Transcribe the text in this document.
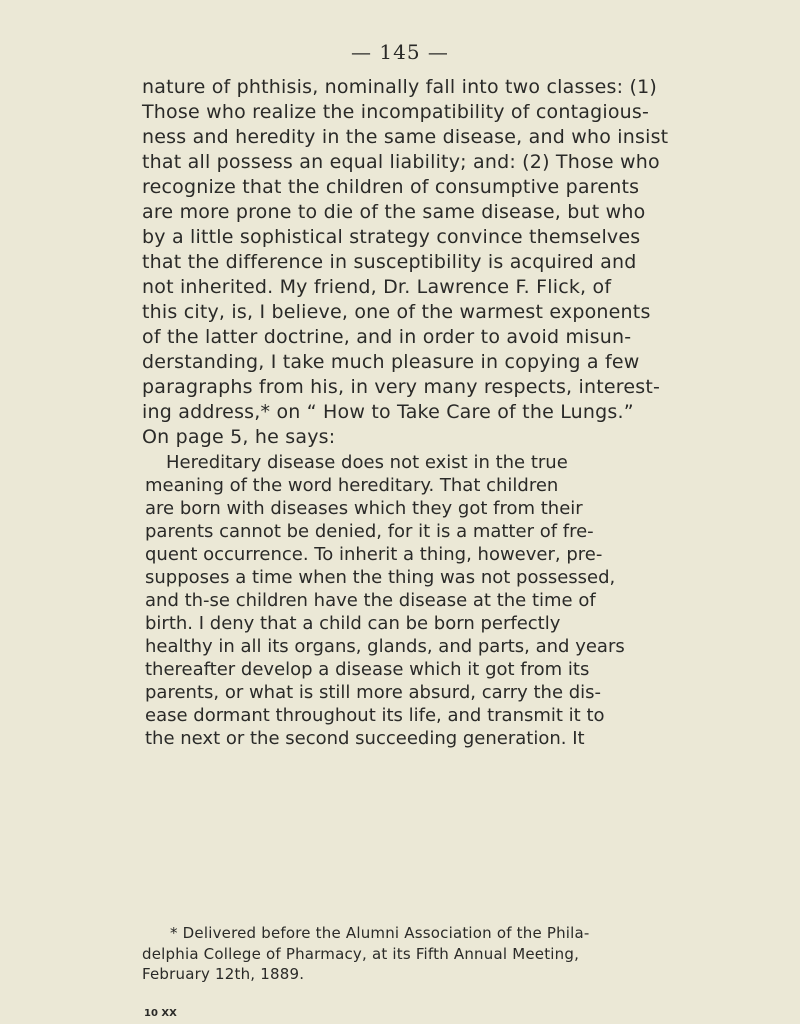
— 145 —
nature of phthisis, nominally fall into two classes: (1)
Those who realize the incompatibility of contagious-
ness and heredity in the same disease, and who insist
that all possess an equal liability; and: (2) Those who
recognize that the children of consumptive parents
are more prone to die of the same disease, but who
by a little sophistical strategy convince themselves
that the difference in susceptibility is acquired and
not inherited. My friend, Dr. Lawrence F. Flick, of
this city, is, I believe, one of the warmest exponents
of the latter doctrine, and in order to avoid misun-
derstanding, I take much pleasure in copying a few
paragraphs from his, in very many respects, interest-
ing address,* on “ How to Take Care of the Lungs.”
On page 5, he says:
Hereditary disease does not exist in the true
meaning of the word hereditary. That children
are born with diseases which they got from their
parents cannot be denied, for it is a matter of fre-
quent occurrence. To inherit a thing, however, pre-
supposes a time when the thing was not possessed,
and th-se children have the disease at the time of
birth. I deny that a child can be born perfectly
healthy in all its organs, glands, and parts, and years
thereafter develop a disease which it got from its
parents, or what is still more absurd, carry the dis-
ease dormant throughout its life, and transmit it to
the next or the second succeeding generation. It
* Delivered before the Alumni Association of the Phila-
delphia College of Pharmacy, at its Fifth Annual Meeting,
February 12th, 1889.
10 XX
